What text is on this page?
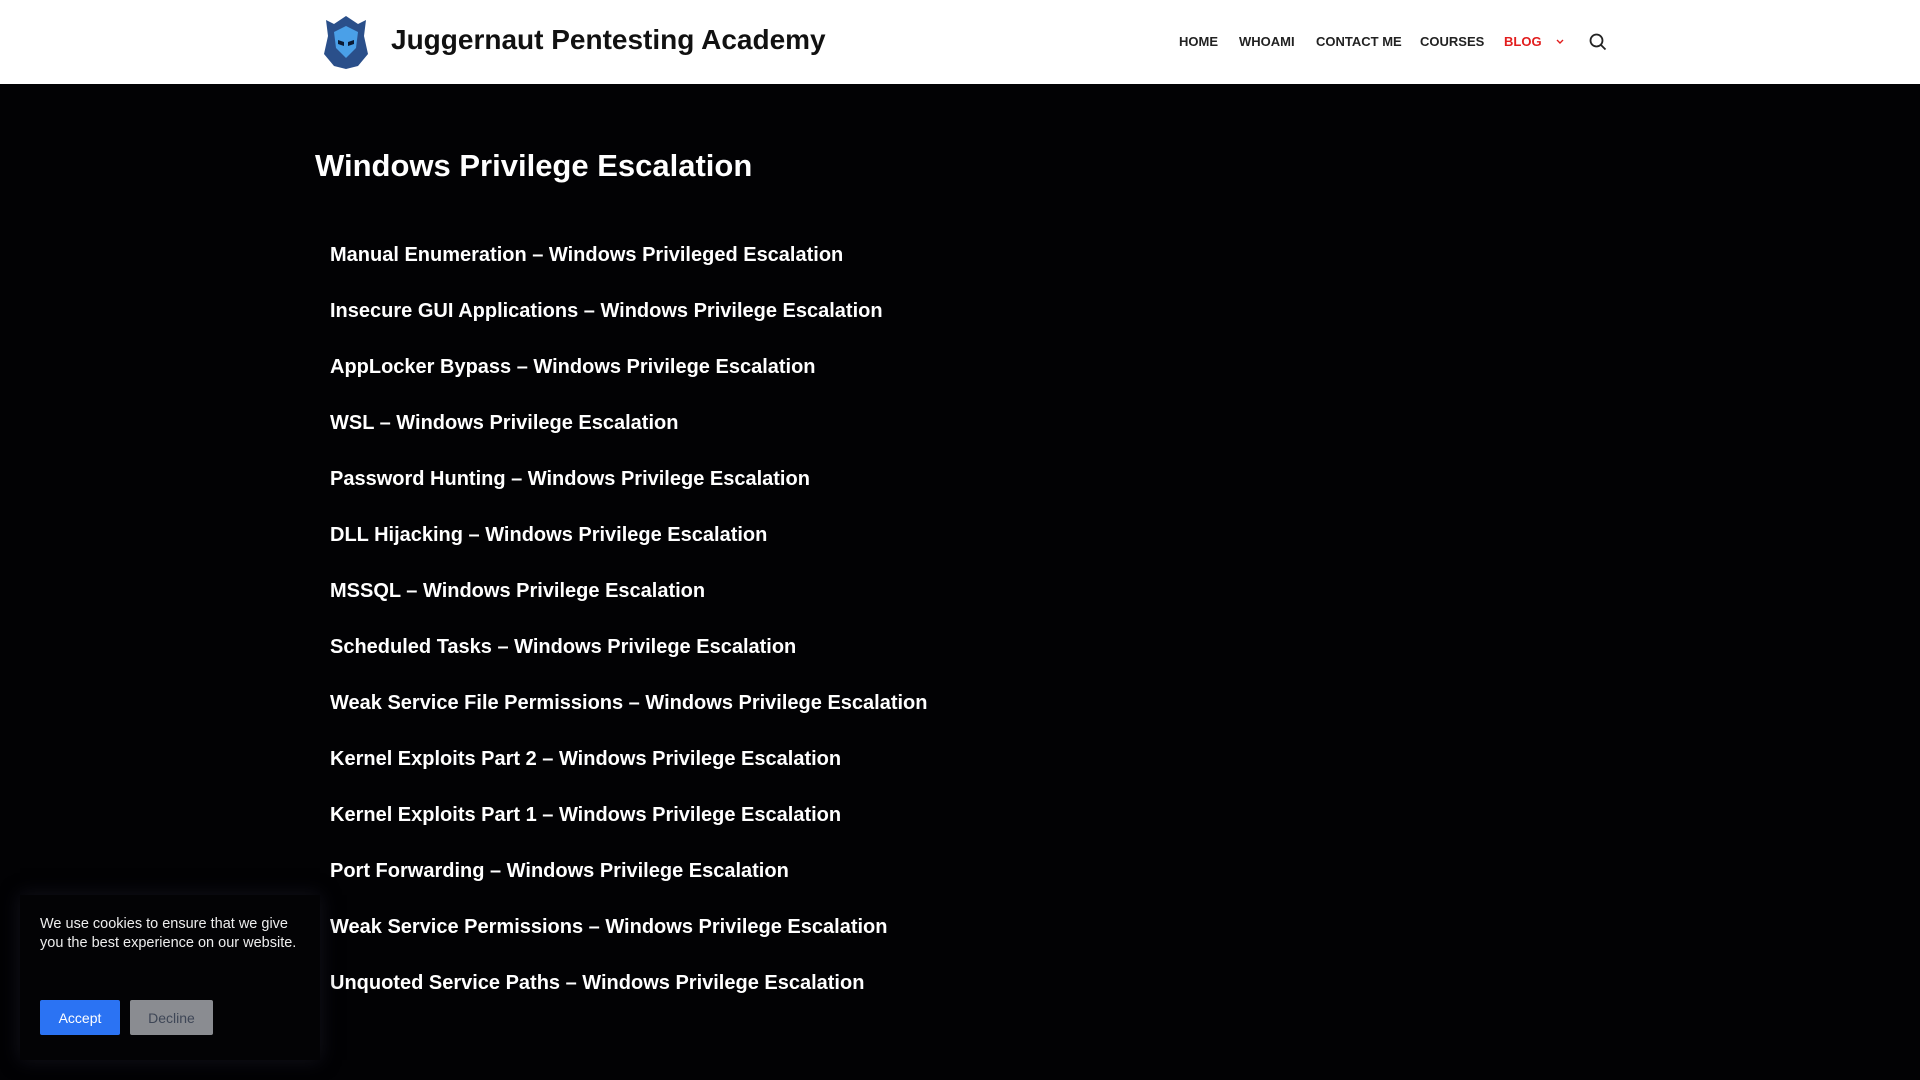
Juggernaut Pentesting Academy	HOME WHOAMI CONTACT ME COURSES BLOG
Windows Privilege Escalation
Manual Enumeration – Windows Privileged Escalation
Insecure GUI Applications – Windows Privilege Escalation
AppLocker Bypass – Windows Privilege Escalation
WSL – Windows Privilege Escalation
Password Hunting – Windows Privilege Escalation
DLL Hijacking – Windows Privilege Escalation
MSSQL – Windows Privilege Escalation
Scheduled Tasks – Windows Privilege Escalation
Weak Service File Permissions – Windows Privilege Escalation
Kernel Exploits Part 2 – Windows Privilege Escalation
Kernel Exploits Part 1 – Windows Privilege Escalation
Port Forwarding – Windows Privilege Escalation
Weak Service Permissions – Windows Privilege Escalation
Unquoted Service Paths – Windows Privilege Escalation

We use cookies to ensure that we give you the best experience on our website.

Accept	Decline
